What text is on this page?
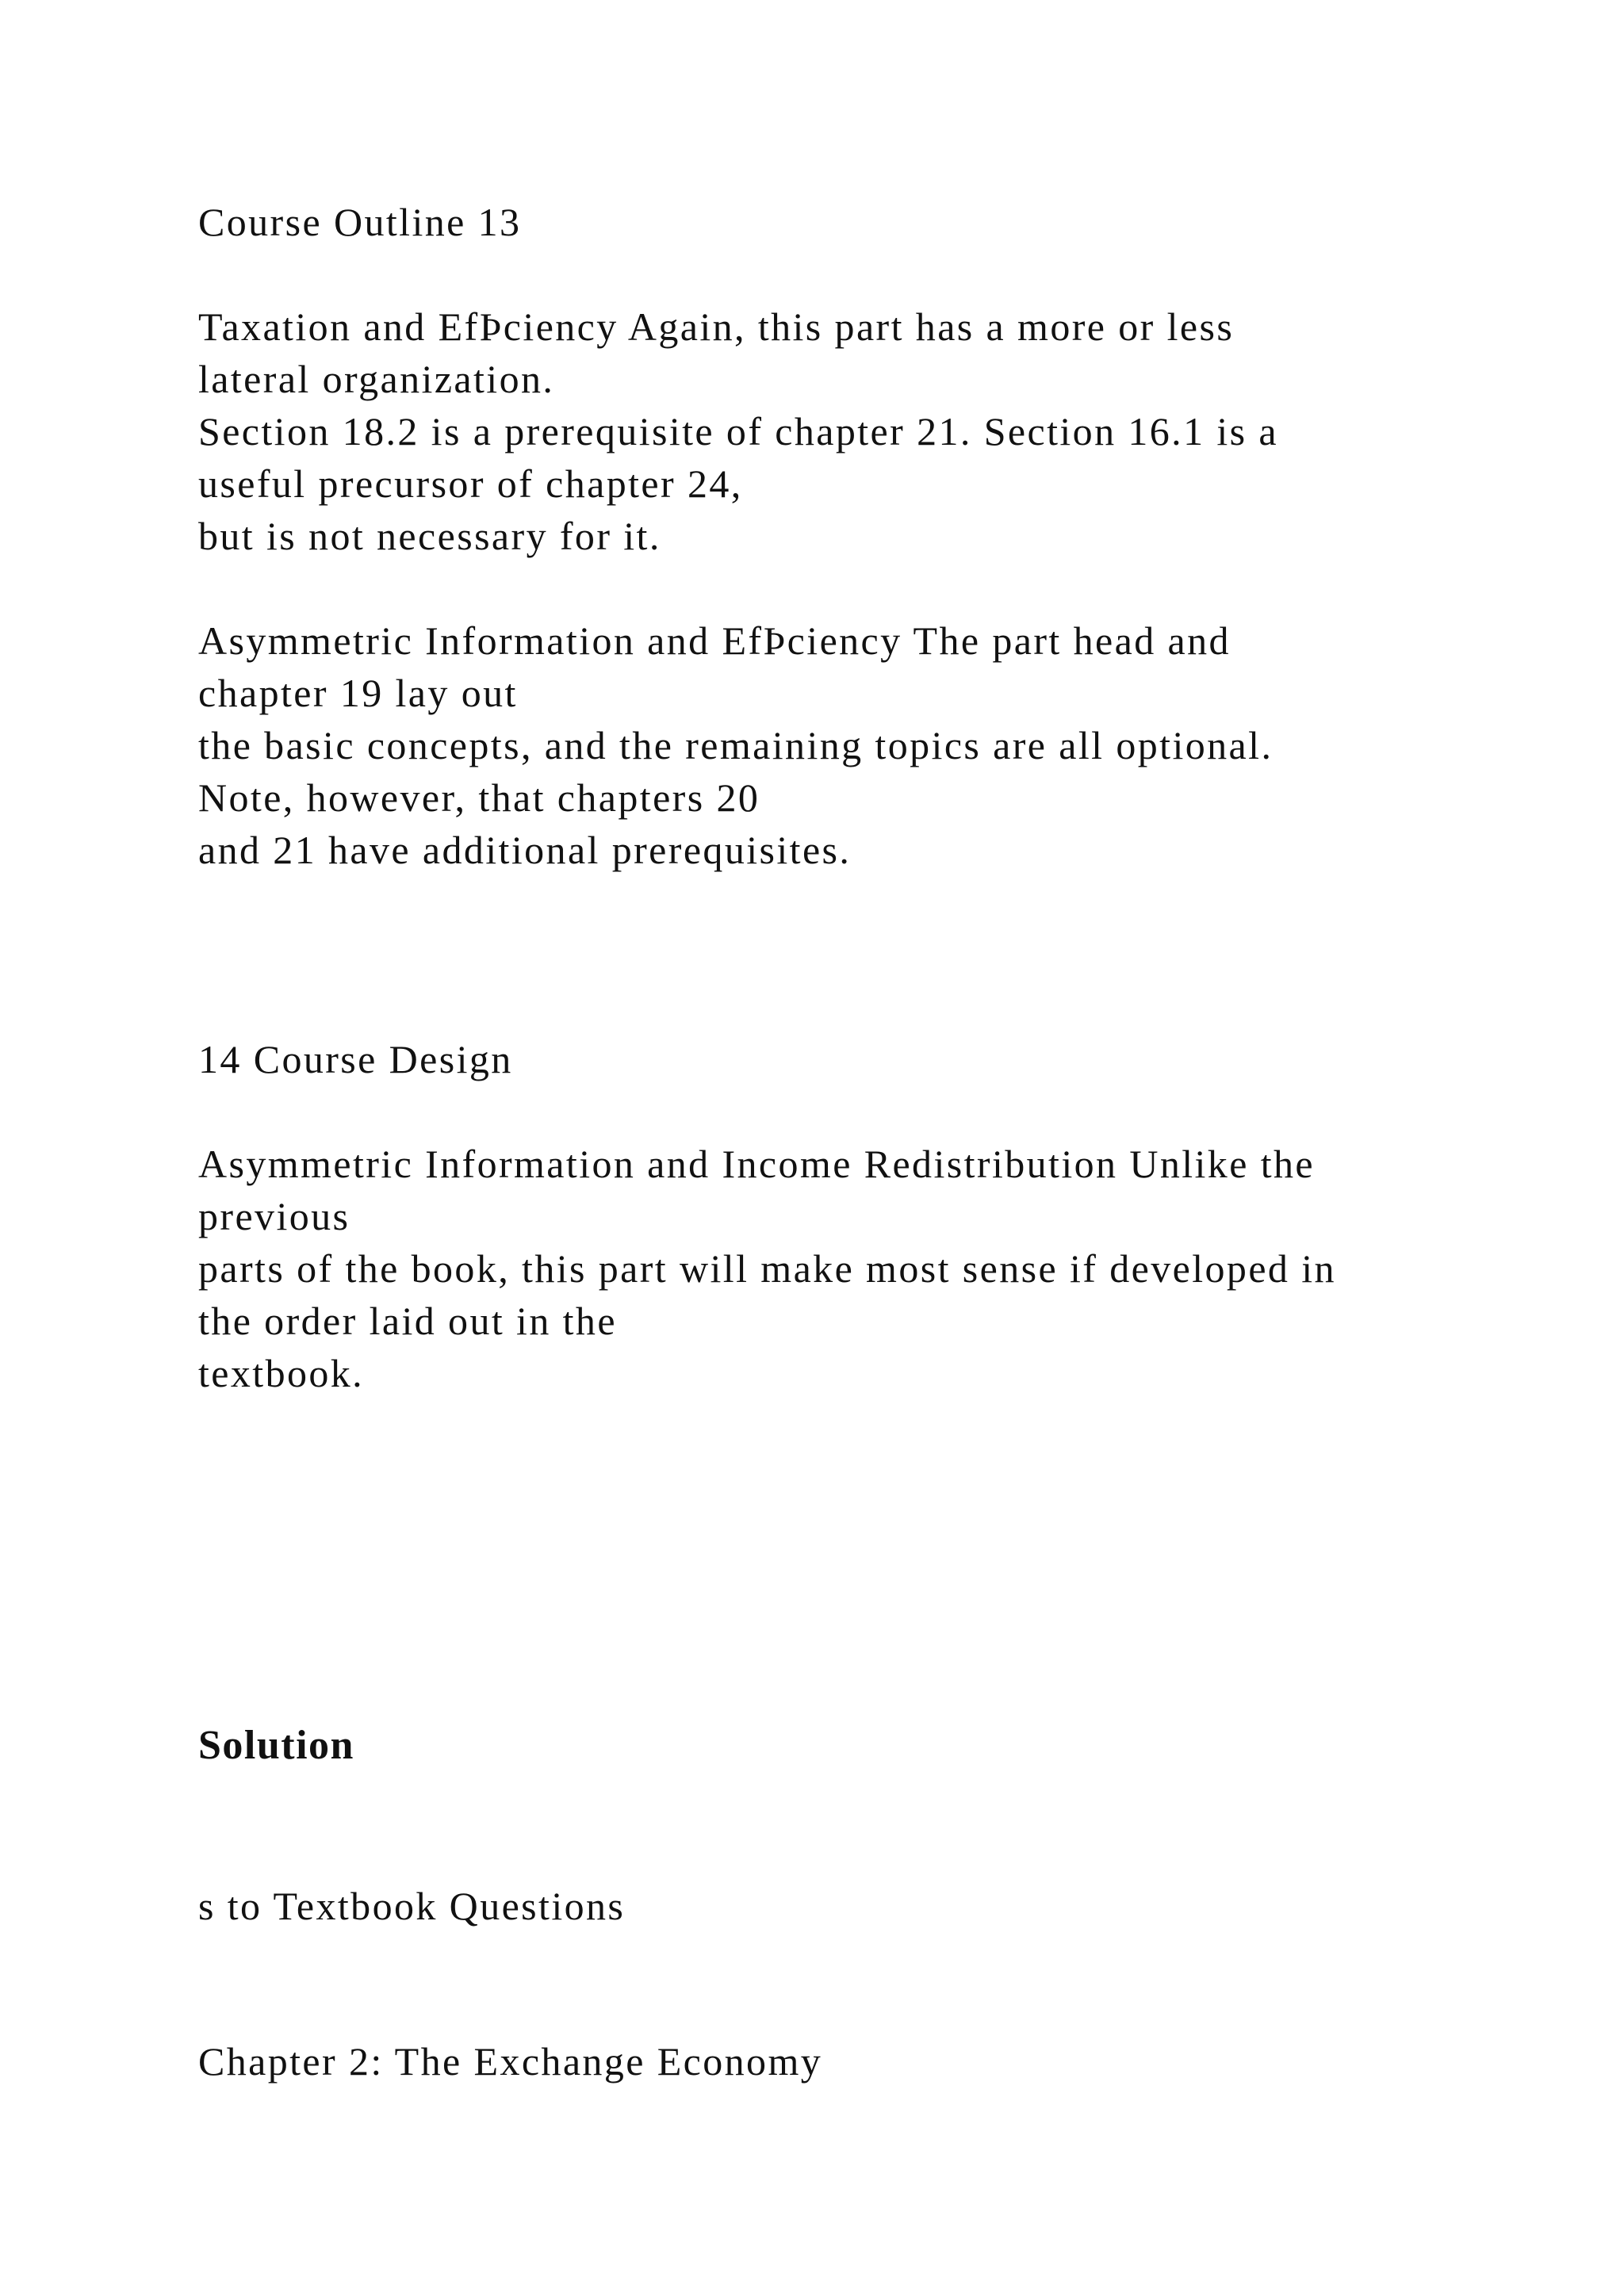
Course Outline 13
Taxation and EfÞciency Again, this part has a more or less
lateral organization.
Section 18.2 is a prerequisite of chapter 21. Section 16.1 is a
useful precursor of chapter 24,
but is not necessary for it.
Asymmetric Information and EfÞciency The part head and
chapter 19 lay out
the basic concepts, and the remaining topics are all optional.
Note, however, that chapters 20
and 21 have additional prerequisites.
14 Course Design
Asymmetric Information and Income Redistribution Unlike the
previous
parts of the book, this part will make most sense if developed in
the order laid out in the
textbook.
Solution
s to Textbook Questions
Chapter 2: The Exchange Economy
